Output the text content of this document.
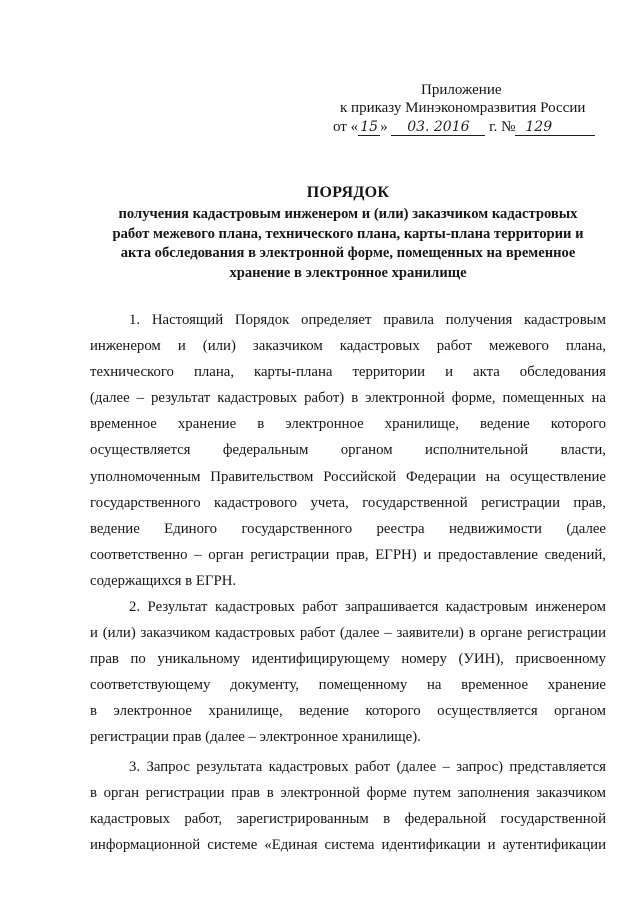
Приложение
к приказу Минэкономразвития России
от « 15 » 03. 2016 г. № 129
ПОРЯДОК
получения кадастровым инженером и (или) заказчиком кадастровых
работ межевого плана, технического плана, карты-плана территории и
акта обследования в электронной форме, помещенных на временное
хранение в электронное хранилище
1. Настоящий Порядок определяет правила получения кадастровым
инженером и (или) заказчиком кадастровых работ межевого плана,
технического плана, карты-плана территории и акта обследования
(далее – результат кадастровых работ) в электронной форме, помещенных на
временное хранение в электронное хранилище, ведение которого
осуществляется федеральным органом исполнительной власти,
уполномоченным Правительством Российской Федерации на осуществление
государственного кадастрового учета, государственной регистрации прав,
ведение Единого государственного реестра недвижимости (далее
соответственно – орган регистрации прав, ЕГРН) и предоставление сведений,
содержащихся в ЕГРН.
2. Результат кадастровых работ запрашивается кадастровым инженером
и (или) заказчиком кадастровых работ (далее – заявители) в органе регистрации
прав по уникальному идентифицирующему номеру (УИН), присвоенному
соответствующему документу, помещенному на временное хранение
в электронное хранилище, ведение которого осуществляется органом
регистрации прав (далее – электронное хранилище).
3. Запрос результата кадастровых работ (далее – запрос) представляется
в орган регистрации прав в электронной форме путем заполнения заказчиком
кадастровых работ, зарегистрированным в федеральной государственной
информационной системе «Единая система идентификации и аутентификации
